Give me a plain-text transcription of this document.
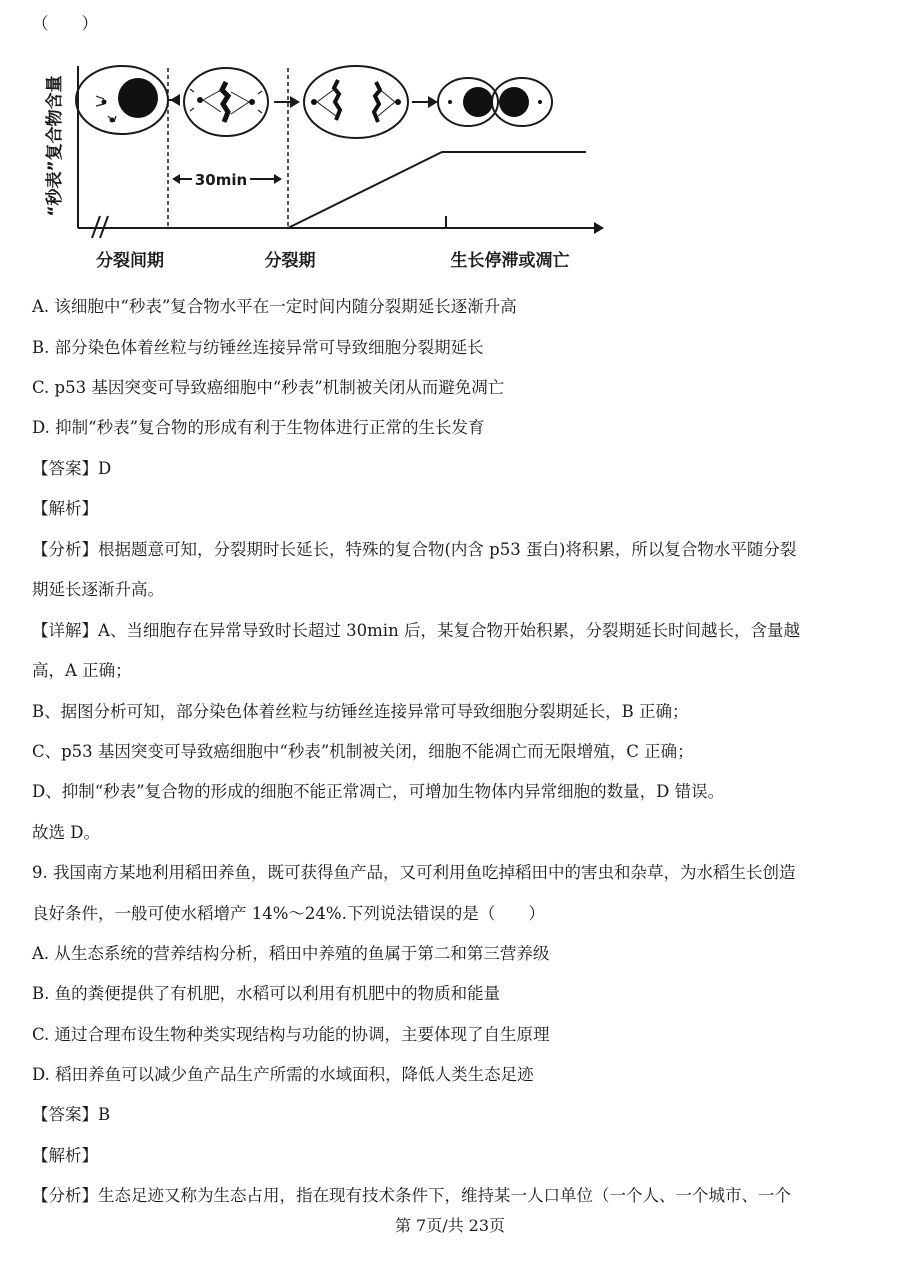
（　　）
“秒表”复合物含量	30min
分裂间期	分裂期	生长停滞或凋亡
A. 该细胞中“秒表”复合物水平在一定时间内随分裂期延长逐渐升高
B. 部分染色体着丝粒与纺锤丝连接异常可导致细胞分裂期延长
C. p53 基因突变可导致癌细胞中“秒表”机制被关闭从而避免凋亡
D. 抑制“秒表”复合物的形成有利于生物体进行正常的生长发育
【答案】D
【解析】
【分析】根据题意可知，分裂期时长延长，特殊的复合物(内含 p53 蛋白)将积累，所以复合物水平随分裂
期延长逐渐升高。
【详解】A、当细胞存在异常导致时长超过 30min 后，某复合物开始积累，分裂期延长时间越长，含量越
高，A 正确；
B、据图分析可知，部分染色体着丝粒与纺锤丝连接异常可导致细胞分裂期延长，B 正确；
C、p53 基因突变可导致癌细胞中“秒表”机制被关闭，细胞不能凋亡而无限增殖，C 正确；
D、抑制“秒表”复合物的形成的细胞不能正常凋亡，可增加生物体内异常细胞的数量，D 错误。
故选 D。
9. 我国南方某地利用稻田养鱼，既可获得鱼产品，又可利用鱼吃掉稻田中的害虫和杂草，为水稻生长创造
良好条件，一般可使水稻增产 14%～24%.下列说法错误的是（　　）
A. 从生态系统的营养结构分析，稻田中养殖的鱼属于第二和第三营养级
B. 鱼的粪便提供了有机肥，水稻可以利用有机肥中的物质和能量
C. 通过合理布设生物种类实现结构与功能的协调，主要体现了自生原理
D. 稻田养鱼可以减少鱼产品生产所需的水域面积，降低人类生态足迹
【答案】B
【解析】
【分析】生态足迹又称为生态占用，指在现有技术条件下，维持某一人口单位（一个人、一个城市、一个
第 7页/共 23页
